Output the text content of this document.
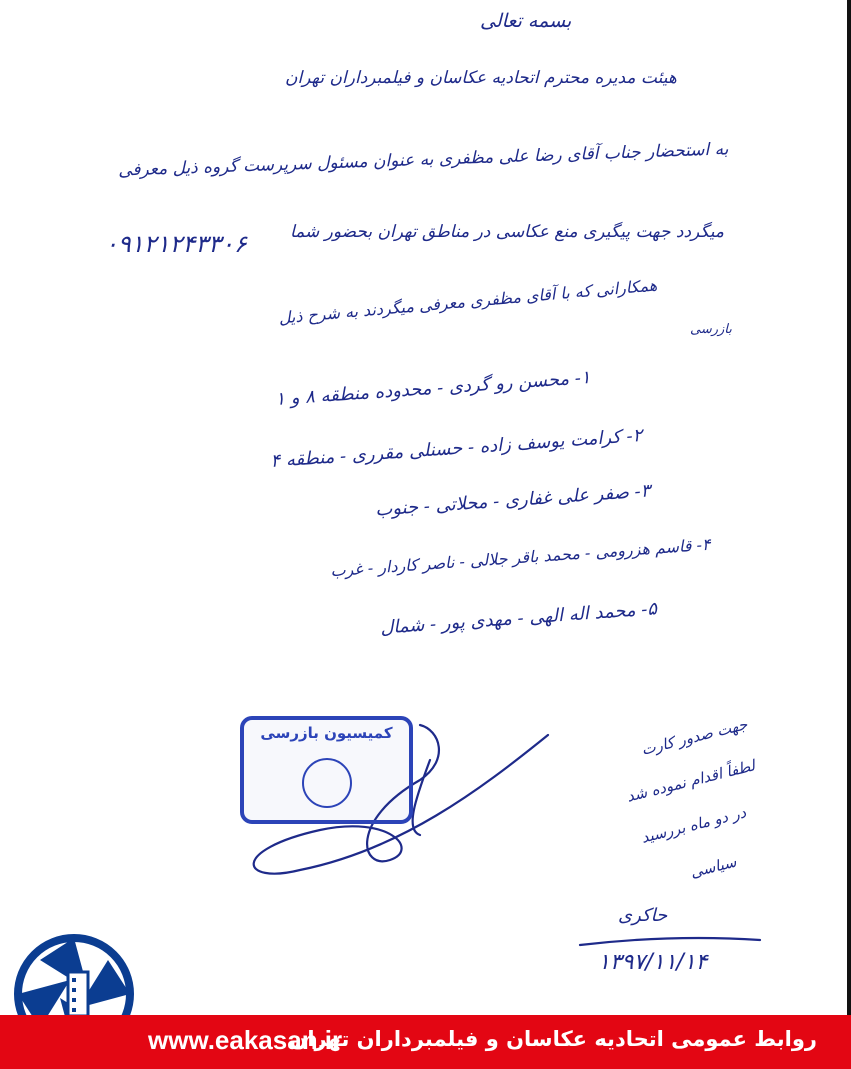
بسمه تعالی
هیئت مدیره محترم اتحادیه عکاسان و فیلمبرداران تهران
به استحضار جناب آقای رضا علی مظفری به عنوان مسئول سرپرست گروه ذیل معرفی
میگردد جهت پیگیری منع عکاسی در مناطق تهران بحضور شما
۰۹۱۲۱۲۴۳۳۰۶
همکارانی که با آقای مظفری معرفی میگردند به شرح ذیل
بازرسی
۱- محسن رو گردی - محدوده منطقه ۸ و ۱
۲- کرامت یوسف زاده - حسنلی مقرری - منطقه ۴
۳- صفر علی غفاری - محلاتی - جنوب
۴- قاسم هزرومی - محمد باقر جلالی - ناصر کاردار - غرب
۵- محمد اله الهی - مهدی پور - شمال
کمیسیون بازرسی	جهت صدور کارت
لطفاً اقدام نموده شد
در دو ماه بررسید
سیاسی
حاکری
۱۳۹۷/۱۱/۱۴
www.eakasan.ir
روابط عمومی اتحادیه عکاسان و فیلمبرداران تهران
